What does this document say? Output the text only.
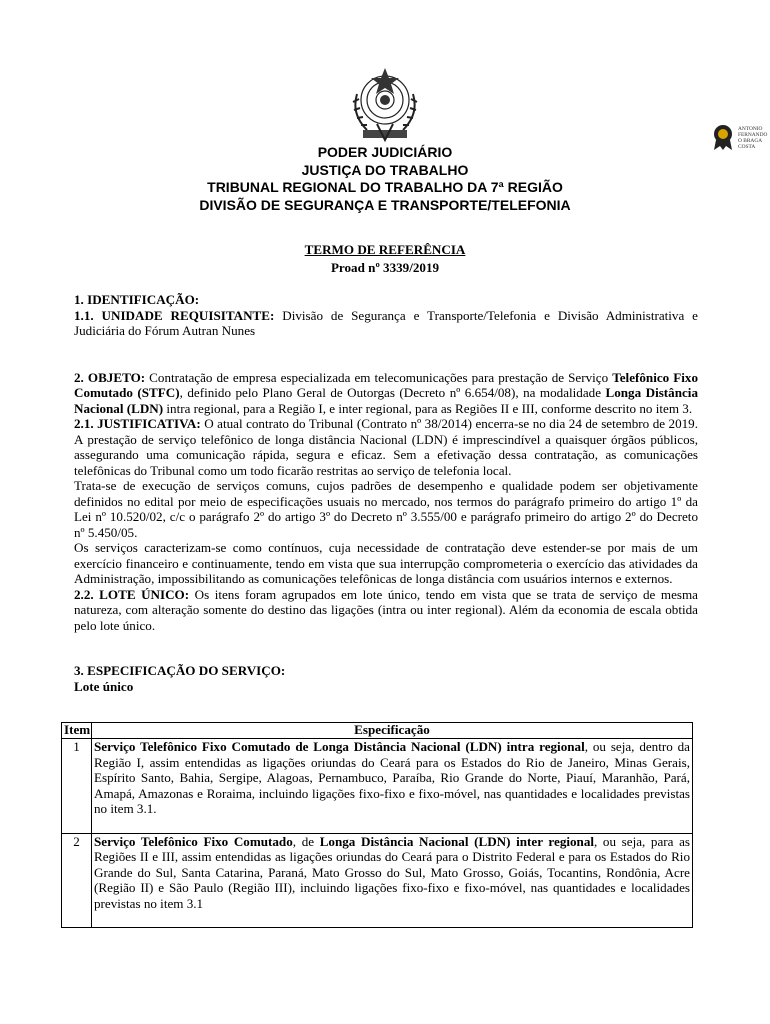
ANTONIO
FERNANDO
O BRAGA
COSTA
PODER JUDICIÁRIO
JUSTIÇA DO TRABALHO
TRIBUNAL REGIONAL DO TRABALHO DA 7ª REGIÃO
DIVISÃO DE SEGURANÇA E TRANSPORTE/TELEFONIA
TERMO DE REFERÊNCIA
Proad nº 3339/2019

1. IDENTIFICAÇÃO:

1.1. UNIDADE REQUISITANTE: Divisão de Segurança e Transporte/Telefonia e Divisão Administrativa e Judiciária do Fórum Autran Nunes

2. OBJETO: Contratação de empresa especializada em telecomunicações para prestação de Serviço Telefônico Fixo Comutado (STFC), definido pelo Plano Geral de Outorgas (Decreto nº 6.654/08), na modalidade Longa Distância Nacional (LDN) intra regional, para a Região I, e inter regional, para as Regiões II e III, conforme descrito no item 3.

2.1. JUSTIFICATIVA: O atual contrato do Tribunal (Contrato nº 38/2014) encerra-se no dia 24 de setembro de 2019. A prestação de serviço telefônico de longa distância Nacional (LDN) é imprescindível a quaisquer órgãos públicos, assegurando uma comunicação rápida, segura e eficaz. Sem a efetivação dessa contratação, as comunicações telefônicas do Tribunal como um todo ficarão restritas ao serviço de telefonia local.

Trata-se de execução de serviços comuns, cujos padrões de desempenho e qualidade podem ser objetivamente definidos no edital por meio de especificações usuais no mercado, nos termos do parágrafo primeiro do artigo 1º da Lei nº 10.520/02, c/c o parágrafo 2º do artigo 3º do Decreto nº 3.555/00 e parágrafo primeiro do artigo 2º do Decreto nº 5.450/05.

Os serviços caracterizam-se como contínuos, cuja necessidade de contratação deve estender-se por mais de um exercício financeiro e continuamente, tendo em vista que sua interrupção comprometeria o exercício das atividades da Administração, impossibilitando as comunicações telefônicas de longa distância com usuários internos e externos.

2.2. LOTE ÚNICO: Os itens foram agrupados em lote único, tendo em vista que se trata de serviço de mesma natureza, com alteração somente do destino das ligações (intra ou inter regional). Além da economia de escala obtida pelo lote único.

3. ESPECIFICAÇÃO DO SERVIÇO:

Lote único

Item	Especificação
1	Serviço Telefônico Fixo Comutado de Longa Distância Nacional (LDN) intra regional, ou seja, dentro da Região I, assim entendidas as ligações oriundas do Ceará para os Estados do Rio de Janeiro, Minas Gerais, Espírito Santo, Bahia, Sergipe, Alagoas, Pernambuco, Paraíba, Rio Grande do Norte, Piauí, Maranhão, Pará, Amapá, Amazonas e Roraima, incluindo ligações fixo-fixo e fixo-móvel, nas quantidades e localidades previstas no item 3.1.
2	Serviço Telefônico Fixo Comutado, de Longa Distância Nacional (LDN) inter regional, ou seja, para as Regiões II e III, assim entendidas as ligações oriundas do Ceará para o Distrito Federal e para os Estados do Rio Grande do Sul, Santa Catarina, Paraná, Mato Grosso do Sul, Mato Grosso, Goiás, Tocantins, Rondônia, Acre (Região II) e São Paulo (Região III), incluindo ligações fixo-fixo e fixo-móvel, nas quantidades e localidades previstas no item 3.1
